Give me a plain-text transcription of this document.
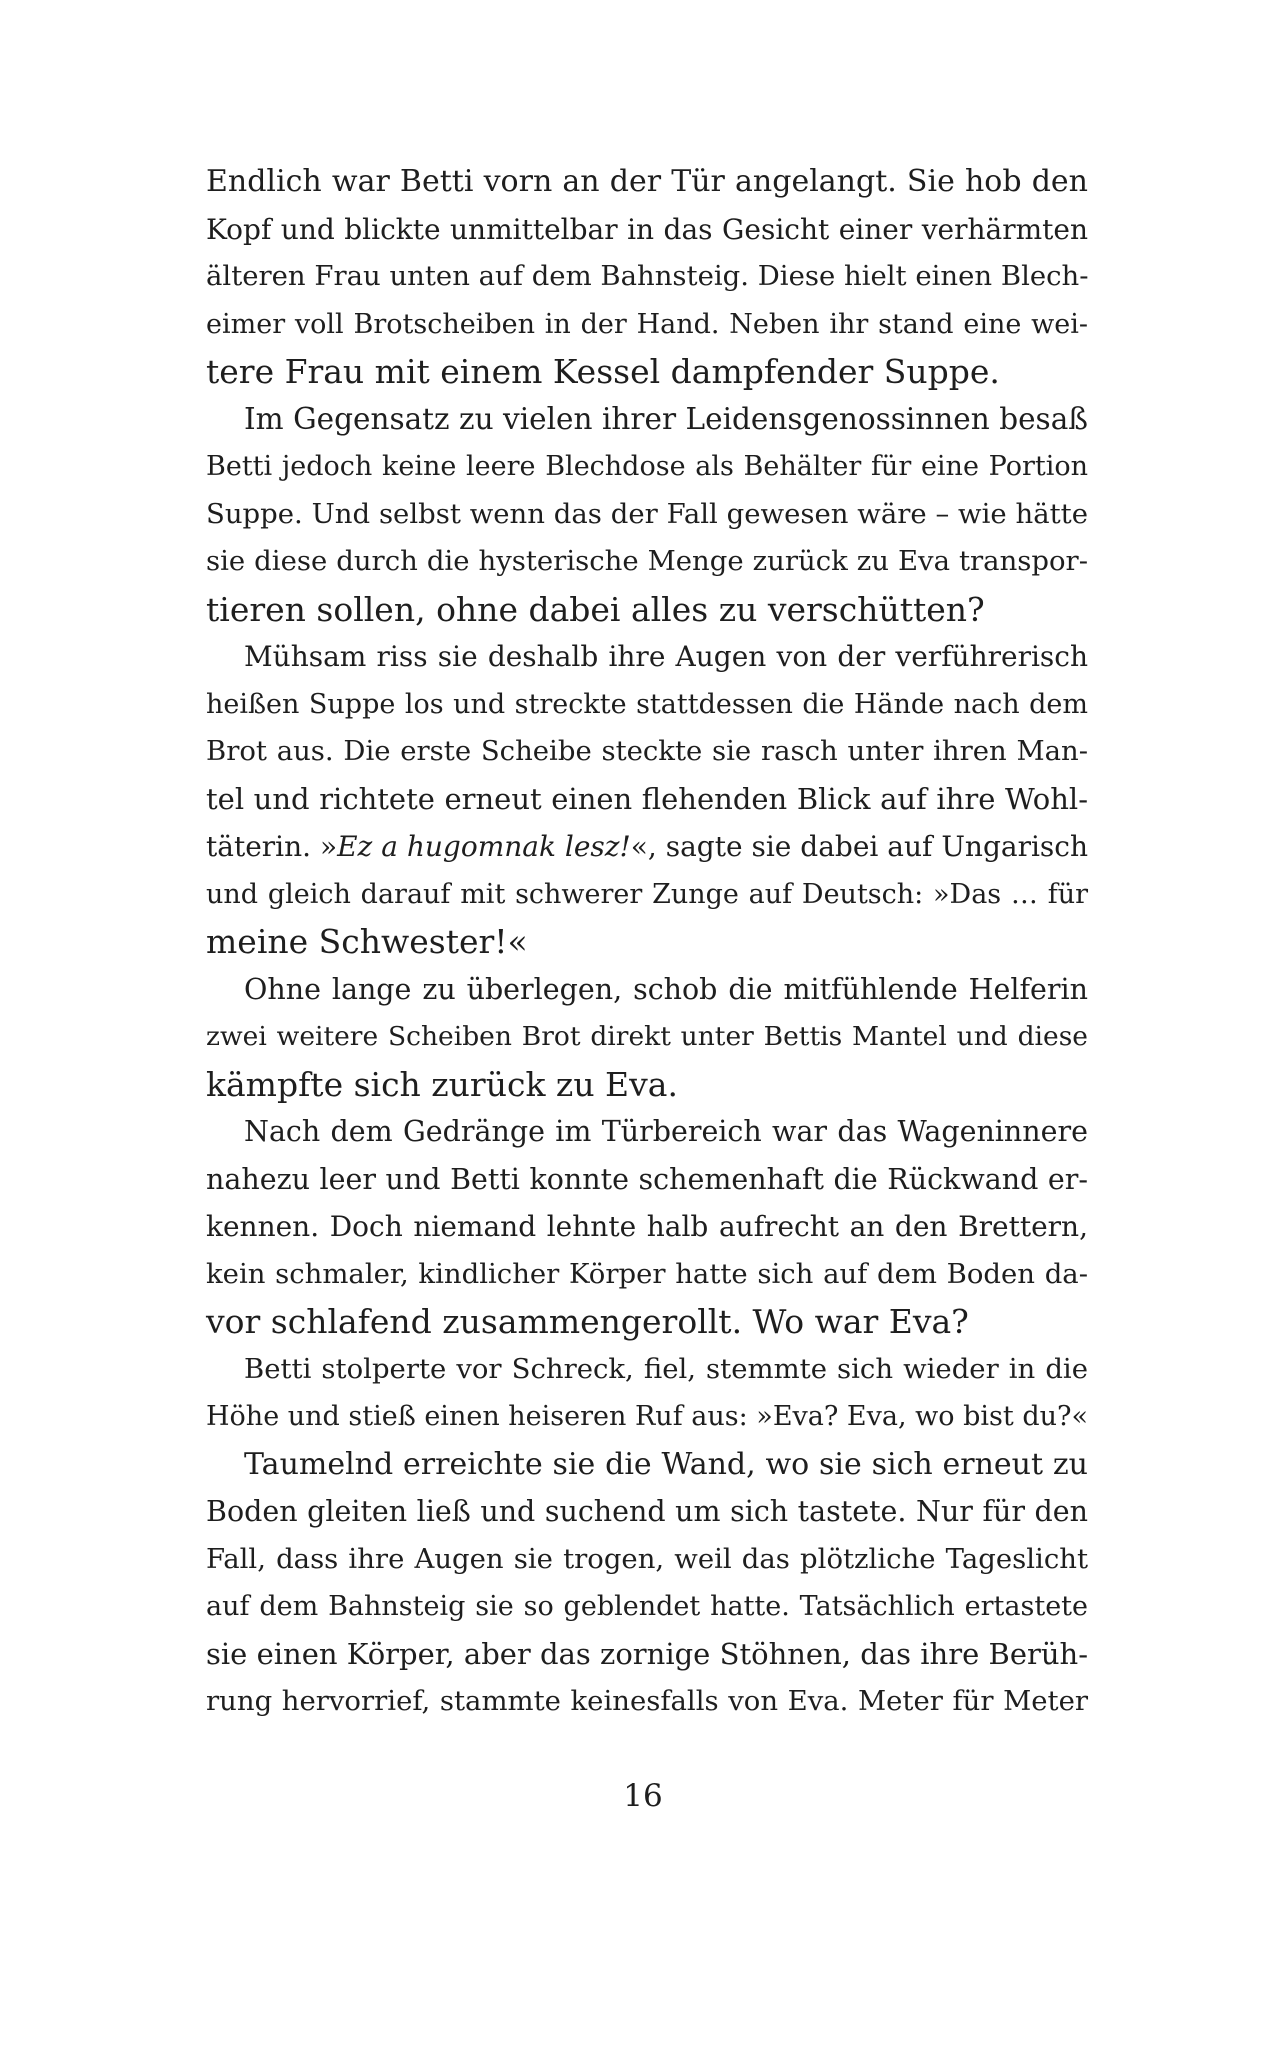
Endlich war Betti vorn an der Tür angelangt. Sie hob den
Kopf und blickte unmittelbar in das Gesicht einer verhärmten
älteren Frau unten auf dem Bahnsteig. Diese hielt einen Blech-
eimer voll Brotscheiben in der Hand. Neben ihr stand eine wei-
tere Frau mit einem Kessel dampfender Suppe.
Im Gegensatz zu vielen ihrer Leidensgenossinnen besaß
Betti jedoch keine leere Blechdose als Behälter für eine Portion
Suppe. Und selbst wenn das der Fall gewesen wäre – wie hätte
sie diese durch die hysterische Menge zurück zu Eva transpor-
tieren sollen, ohne dabei alles zu verschütten?
Mühsam riss sie deshalb ihre Augen von der verführerisch
heißen Suppe los und streckte stattdessen die Hände nach dem
Brot aus. Die erste Scheibe steckte sie rasch unter ihren Man-
tel und richtete erneut einen flehenden Blick auf ihre Wohl-
täterin. »Ez a hugomnak lesz!«, sagte sie dabei auf Ungarisch
und gleich darauf mit schwerer Zunge auf Deutsch: »Das … für
meine Schwester!«
Ohne lange zu überlegen, schob die mitfühlende Helferin
zwei weitere Scheiben Brot direkt unter Bettis Mantel und diese
kämpfte sich zurück zu Eva.
Nach dem Gedränge im Türbereich war das Wageninnere
nahezu leer und Betti konnte schemenhaft die Rückwand er-
kennen. Doch niemand lehnte halb aufrecht an den Brettern,
kein schmaler, kindlicher Körper hatte sich auf dem Boden da-
vor schlafend zusammengerollt. Wo war Eva?
Betti stolperte vor Schreck, fiel, stemmte sich wieder in die
Höhe und stieß einen heiseren Ruf aus: »Eva? Eva, wo bist du?«
Taumelnd erreichte sie die Wand, wo sie sich erneut zu
Boden gleiten ließ und suchend um sich tastete. Nur für den
Fall, dass ihre Augen sie trogen, weil das plötzliche Tageslicht
auf dem Bahnsteig sie so geblendet hatte. Tatsächlich ertastete
sie einen Körper, aber das zornige Stöhnen, das ihre Berüh-
rung hervorrief, stammte keinesfalls von Eva. Meter für Meter
16
